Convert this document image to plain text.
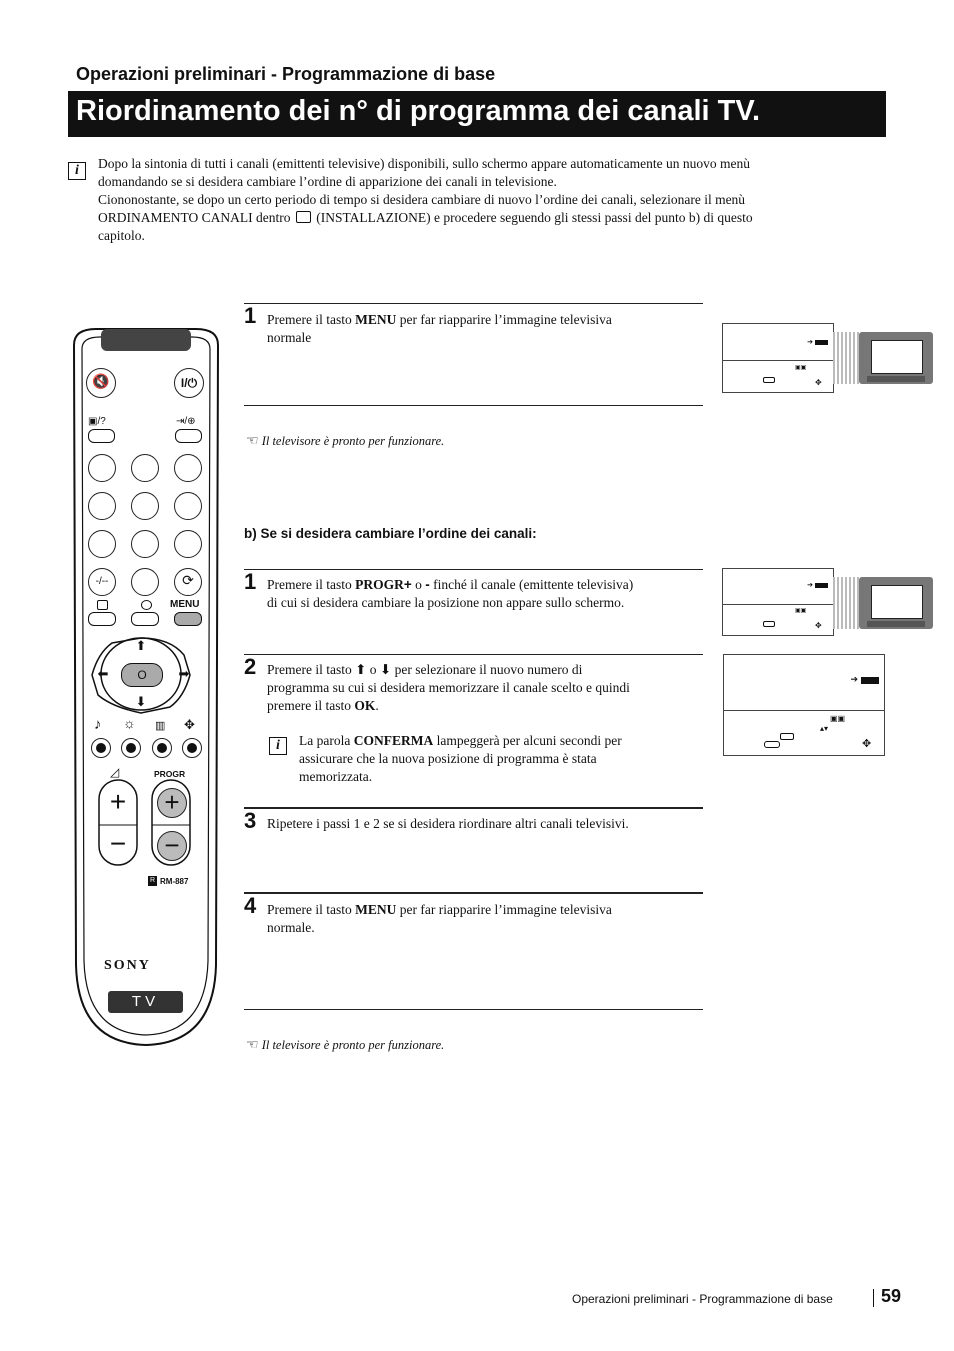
Operazioni preliminari - Programmazione di base
Riordinamento dei n° di programma dei canali TV.
i	Dopo la sintonia di tutti i canali (emittenti televisive) disponibili, sullo schermo appare automaticamente un nuovo menù
domandando se si desidera cambiare l’ordine di apparizione dei canali in televisione.
Ciononostante, se dopo un certo periodo di tempo si desidera cambiare di nuovo l’ordine dei canali, selezionare il menù
ORDINAMENTO CANALI dentro (INSTALLAZIONE) e procedere seguendo gli stessi passi del punto b) di questo
capitolo.
🔇	I/⏻
▣/?	⇥/⊕
-/--	⟳
MENU
⬆
⬇
⬅	➡
O
♪ ☼ ▥ ✥
◿	PROGR
+
−
+
−
R RM-887
SONY
TV
1 Premere il tasto MENU per far riapparire l’immagine televisiva
normale	➔
▣▣
✥
☜ Il televisore è pronto per funzionare.
b) Se si desidera cambiare l’ordine dei canali:
1 Premere il tasto PROGR+ o - finché il canale (emittente televisiva)
di cui si desidera cambiare la posizione non appare sullo schermo.
➔
▣▣
✥
2 Premere il tasto ⬆ o ⬇ per selezionare il nuovo numero di
programma su cui si desidera memorizzare il canale scelto e quindi
premere il tasto OK.
i	La parola CONFERMA lampeggerà per alcuni secondi per
assicurare che la nuova posizione di programma è stata
memorizzata.
➔
▣▣
▴▾
✥
3 Ripetere i passi 1 e 2 se si desidera riordinare altri canali televisivi.
4 Premere il tasto MENU per far riapparire l’immagine televisiva
normale.
☜ Il televisore è pronto per funzionare.
Operazioni preliminari - Programmazione di base	59
